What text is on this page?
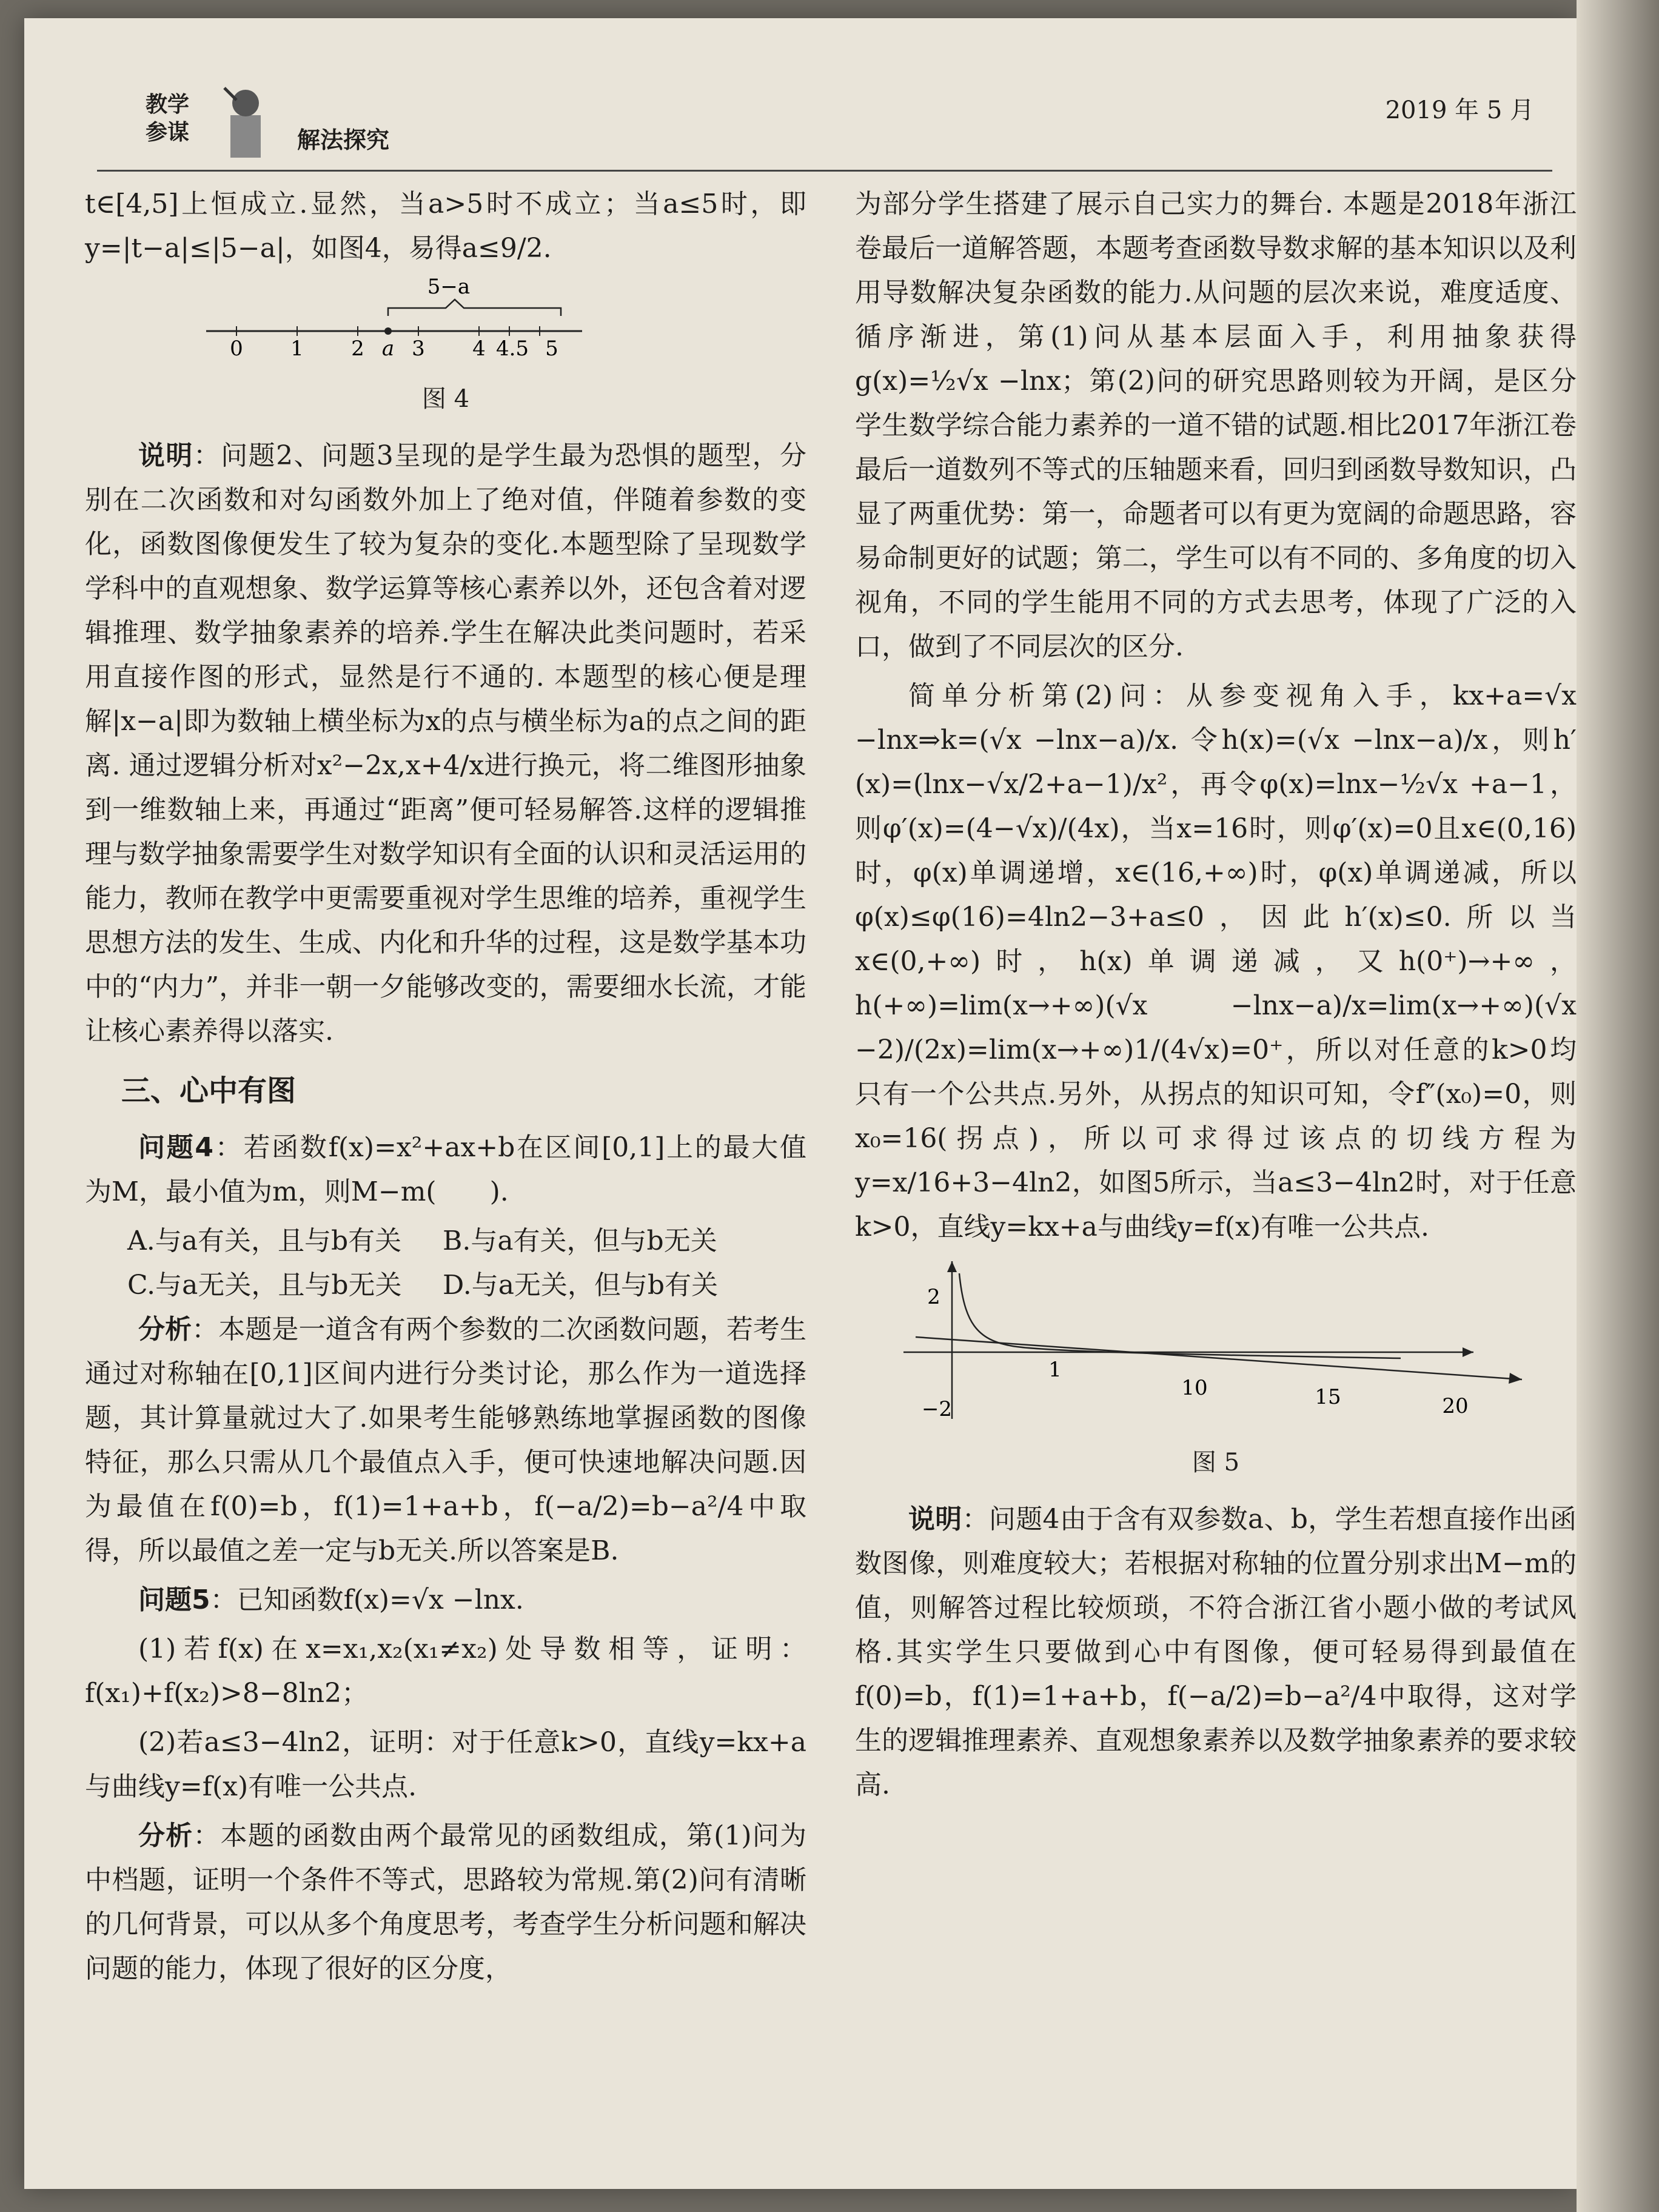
教学
参谋	解法探究
2019 年 5 月

t∈[4,5]上恒成立.显然，当a>5时不成立；当a≤5时，即y=|t−a|≤|5−a|，如图4，易得a≤9/2.

5−a
0 1 2 a 3 4 4.5 5
图 4

说明：问题2、问题3呈现的是学生最为恐惧的题型，分别在二次函数和对勾函数外加上了绝对值，伴随着参数的变化，函数图像便发生了较为复杂的变化.本题型除了呈现数学学科中的直观想象、数学运算等核心素养以外，还包含着对逻辑推理、数学抽象素养的培养.学生在解决此类问题时，若采用直接作图的形式，显然是行不通的. 本题型的核心便是理解|x−a|即为数轴上横坐标为x的点与横坐标为a的点之间的距离. 通过逻辑分析对x²−2x,x+4/x进行换元，将二维图形抽象到一维数轴上来，再通过“距离”便可轻易解答.这样的逻辑推理与数学抽象需要学生对数学知识有全面的认识和灵活运用的能力，教师在教学中更需要重视对学生思维的培养，重视学生思想方法的发生、生成、内化和升华的过程，这是数学基本功中的“内力”，并非一朝一夕能够改变的，需要细水长流，才能让核心素养得以落实.

三、心中有图

问题4：若函数f(x)=x²+ax+b在区间[0,1]上的最大值为M，最小值为m，则M−m(　　).

A.与a有关，且与b有关	B.与a有关，但与b无关
C.与a无关，且与b无关	D.与a无关，但与b有关

分析：本题是一道含有两个参数的二次函数问题，若考生通过对称轴在[0,1]区间内进行分类讨论，那么作为一道选择题，其计算量就过大了.如果考生能够熟练地掌握函数的图像特征，那么只需从几个最值点入手，便可快速地解决问题.因为最值在f(0)=b，f(1)=1+a+b，f(−a/2)=b−a²/4中取得，所以最值之差一定与b无关.所以答案是B.

问题5：已知函数f(x)=√x −lnx.

(1)若f(x)在x=x₁,x₂(x₁≠x₂)处导数相等，证明：f(x₁)+f(x₂)>8−8ln2；

(2)若a≤3−4ln2，证明：对于任意k>0，直线y=kx+a与曲线y=f(x)有唯一公共点.

分析：本题的函数由两个最常见的函数组成，第(1)问为中档题，证明一个条件不等式，思路较为常规.第(2)问有清晰的几何背景，可以从多个角度思考，考查学生分析问题和解决问题的能力，体现了很好的区分度，

为部分学生搭建了展示自己实力的舞台. 本题是2018年浙江卷最后一道解答题，本题考查函数导数求解的基本知识以及利用导数解决复杂函数的能力.从问题的层次来说，难度适度、循序渐进，第(1)问从基本层面入手，利用抽象获得g(x)=½√x −lnx；第(2)问的研究思路则较为开阔，是区分学生数学综合能力素养的一道不错的试题.相比2017年浙江卷最后一道数列不等式的压轴题来看，回归到函数导数知识，凸显了两重优势：第一，命题者可以有更为宽阔的命题思路，容易命制更好的试题；第二，学生可以有不同的、多角度的切入视角，不同的学生能用不同的方式去思考，体现了广泛的入口，做到了不同层次的区分.

简单分析第(2)问：从参变视角入手，kx+a=√x −lnx⇒k=(√x −lnx−a)/x. 令h(x)=(√x −lnx−a)/x，则h′(x)=(lnx−√x/2+a−1)/x²，再令φ(x)=lnx−½√x +a−1，则φ′(x)=(4−√x)/(4x)，当x=16时，则φ′(x)=0且x∈(0,16)时，φ(x)单调递增，x∈(16,+∞)时，φ(x)单调递减，所以φ(x)≤φ(16)=4ln2−3+a≤0，因此h′(x)≤0.所以当x∈(0,+∞)时，h(x)单调递减，又h(0⁺)→+∞，h(+∞)=lim(x→+∞)(√x −lnx−a)/x=lim(x→+∞)(√x −2)/(2x)=lim(x→+∞)1/(4√x)=0⁺，所以对任意的k>0均只有一个公共点.另外，从拐点的知识可知，令f″(x₀)=0，则x₀=16(拐点)，所以可求得过该点的切线方程为y=x/16+3−4ln2，如图5所示，当a≤3−4ln2时，对于任意k>0，直线y=kx+a与曲线y=f(x)有唯一公共点.

2
−2
1
10	15	20
图 5

说明：问题4由于含有双参数a、b，学生若想直接作出函数图像，则难度较大；若根据对称轴的位置分别求出M−m的值，则解答过程比较烦琐，不符合浙江省小题小做的考试风格.其实学生只要做到心中有图像，便可轻易得到最值在f(0)=b，f(1)=1+a+b，f(−a/2)=b−a²/4中取得，这对学生的逻辑推理素养、直观想象素养以及数学抽象素养的要求较高.
